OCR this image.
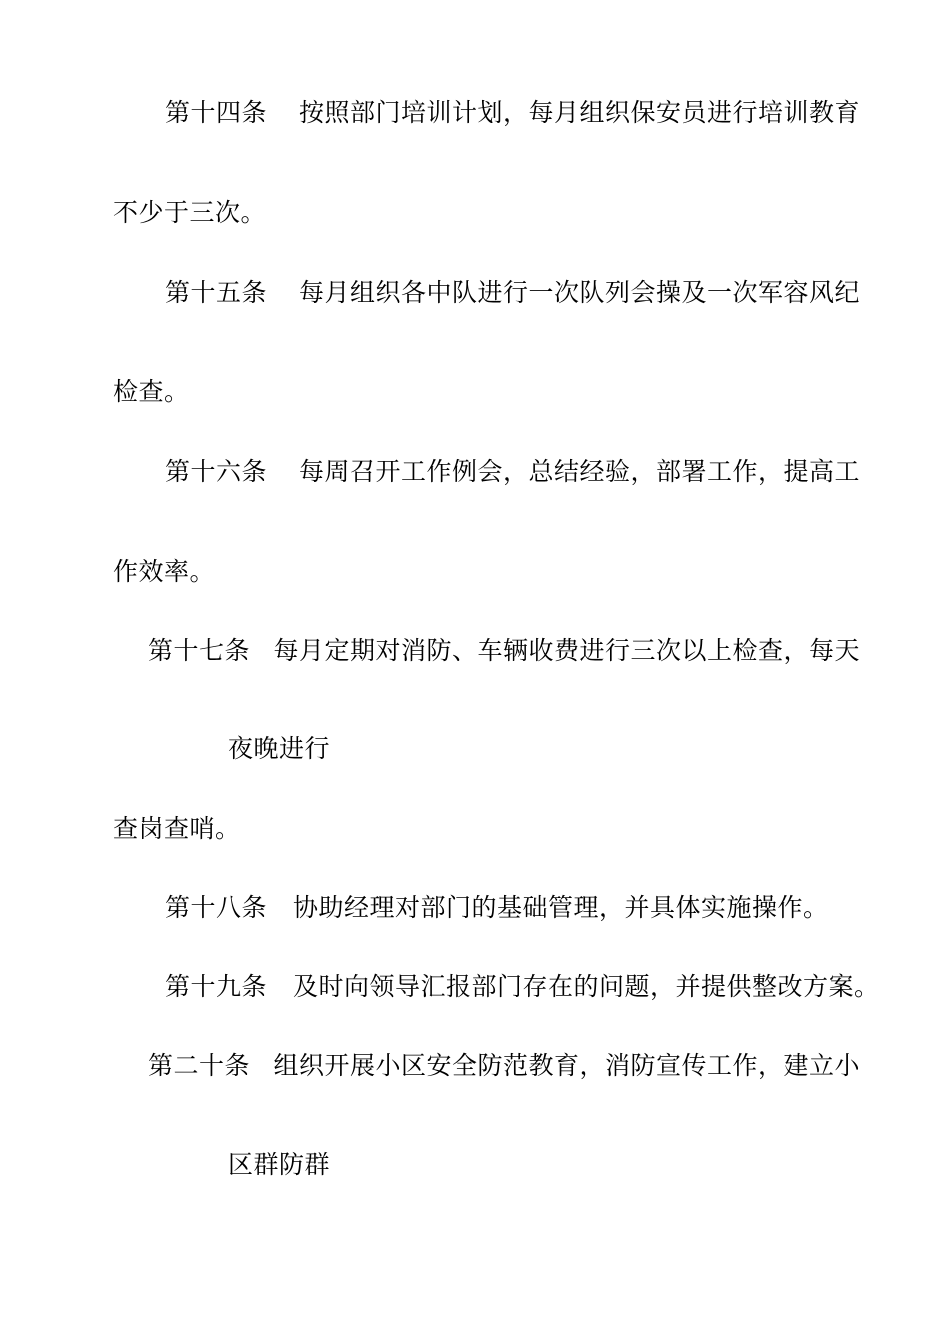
第十四条 按照部门培训计划，每月组织保安员进行培训教育
不少于三次。
第十五条 每月组织各中队进行一次队列会操及一次军容风纪
检查。
第十六条 每周召开工作例会，总结经验，部署工作，提高工
作效率。
第十七条 每月定期对消防、车辆收费进行三次以上检查，每天
夜晚进行
查岗查哨。
第十八条 协助经理对部门的基础管理，并具体实施操作。
第十九条 及时向领导汇报部门存在的问题，并提供整改方案。
第二十条 组织开展小区安全防范教育，消防宣传工作，建立小
区群防群
